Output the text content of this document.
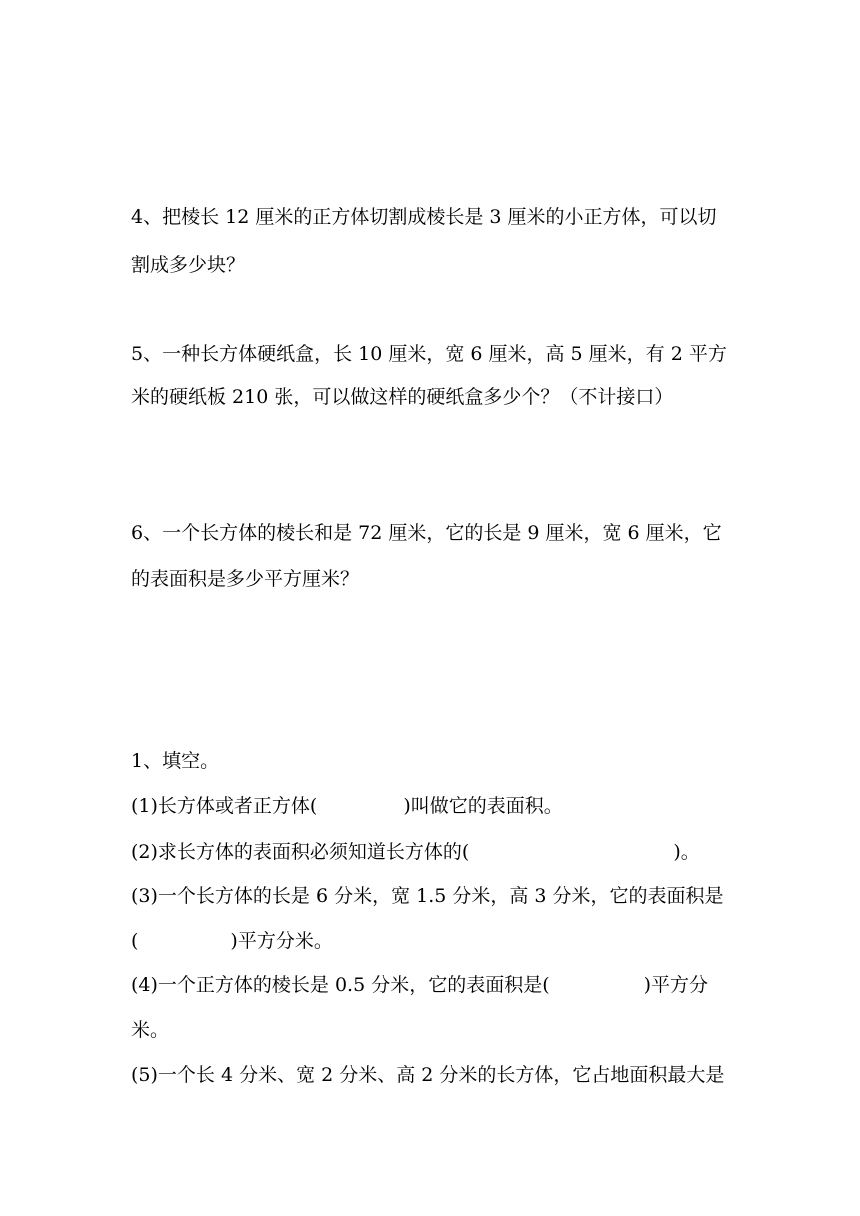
4、把棱长 12 厘米的正方体切割成棱长是 3 厘米的小正方体，可以切
割成多少块？
5、一种长方体硬纸盒，长 10 厘米，宽 6 厘米，高 5 厘米，有 2 平方
米的硬纸板 210 张，可以做这样的硬纸盒多少个？（不计接口）
6、一个长方体的棱长和是 72 厘米，它的长是 9 厘米，宽 6 厘米，它
的表面积是多少平方厘米？
1、填空。
(1)长方体或者正方体(	)叫做它的表面积。
(2)求长方体的表面积必须知道长方体的(	)。
(3)一个长方体的长是 6 分米，宽 1.5 分米，高 3 分米，它的表面积是
(	)平方分米。
(4)一个正方体的棱长是 0.5 分米，它的表面积是(	)平方分
米。
(5)一个长 4 分米、宽 2 分米、高 2 分米的长方体，它占地面积最大是
